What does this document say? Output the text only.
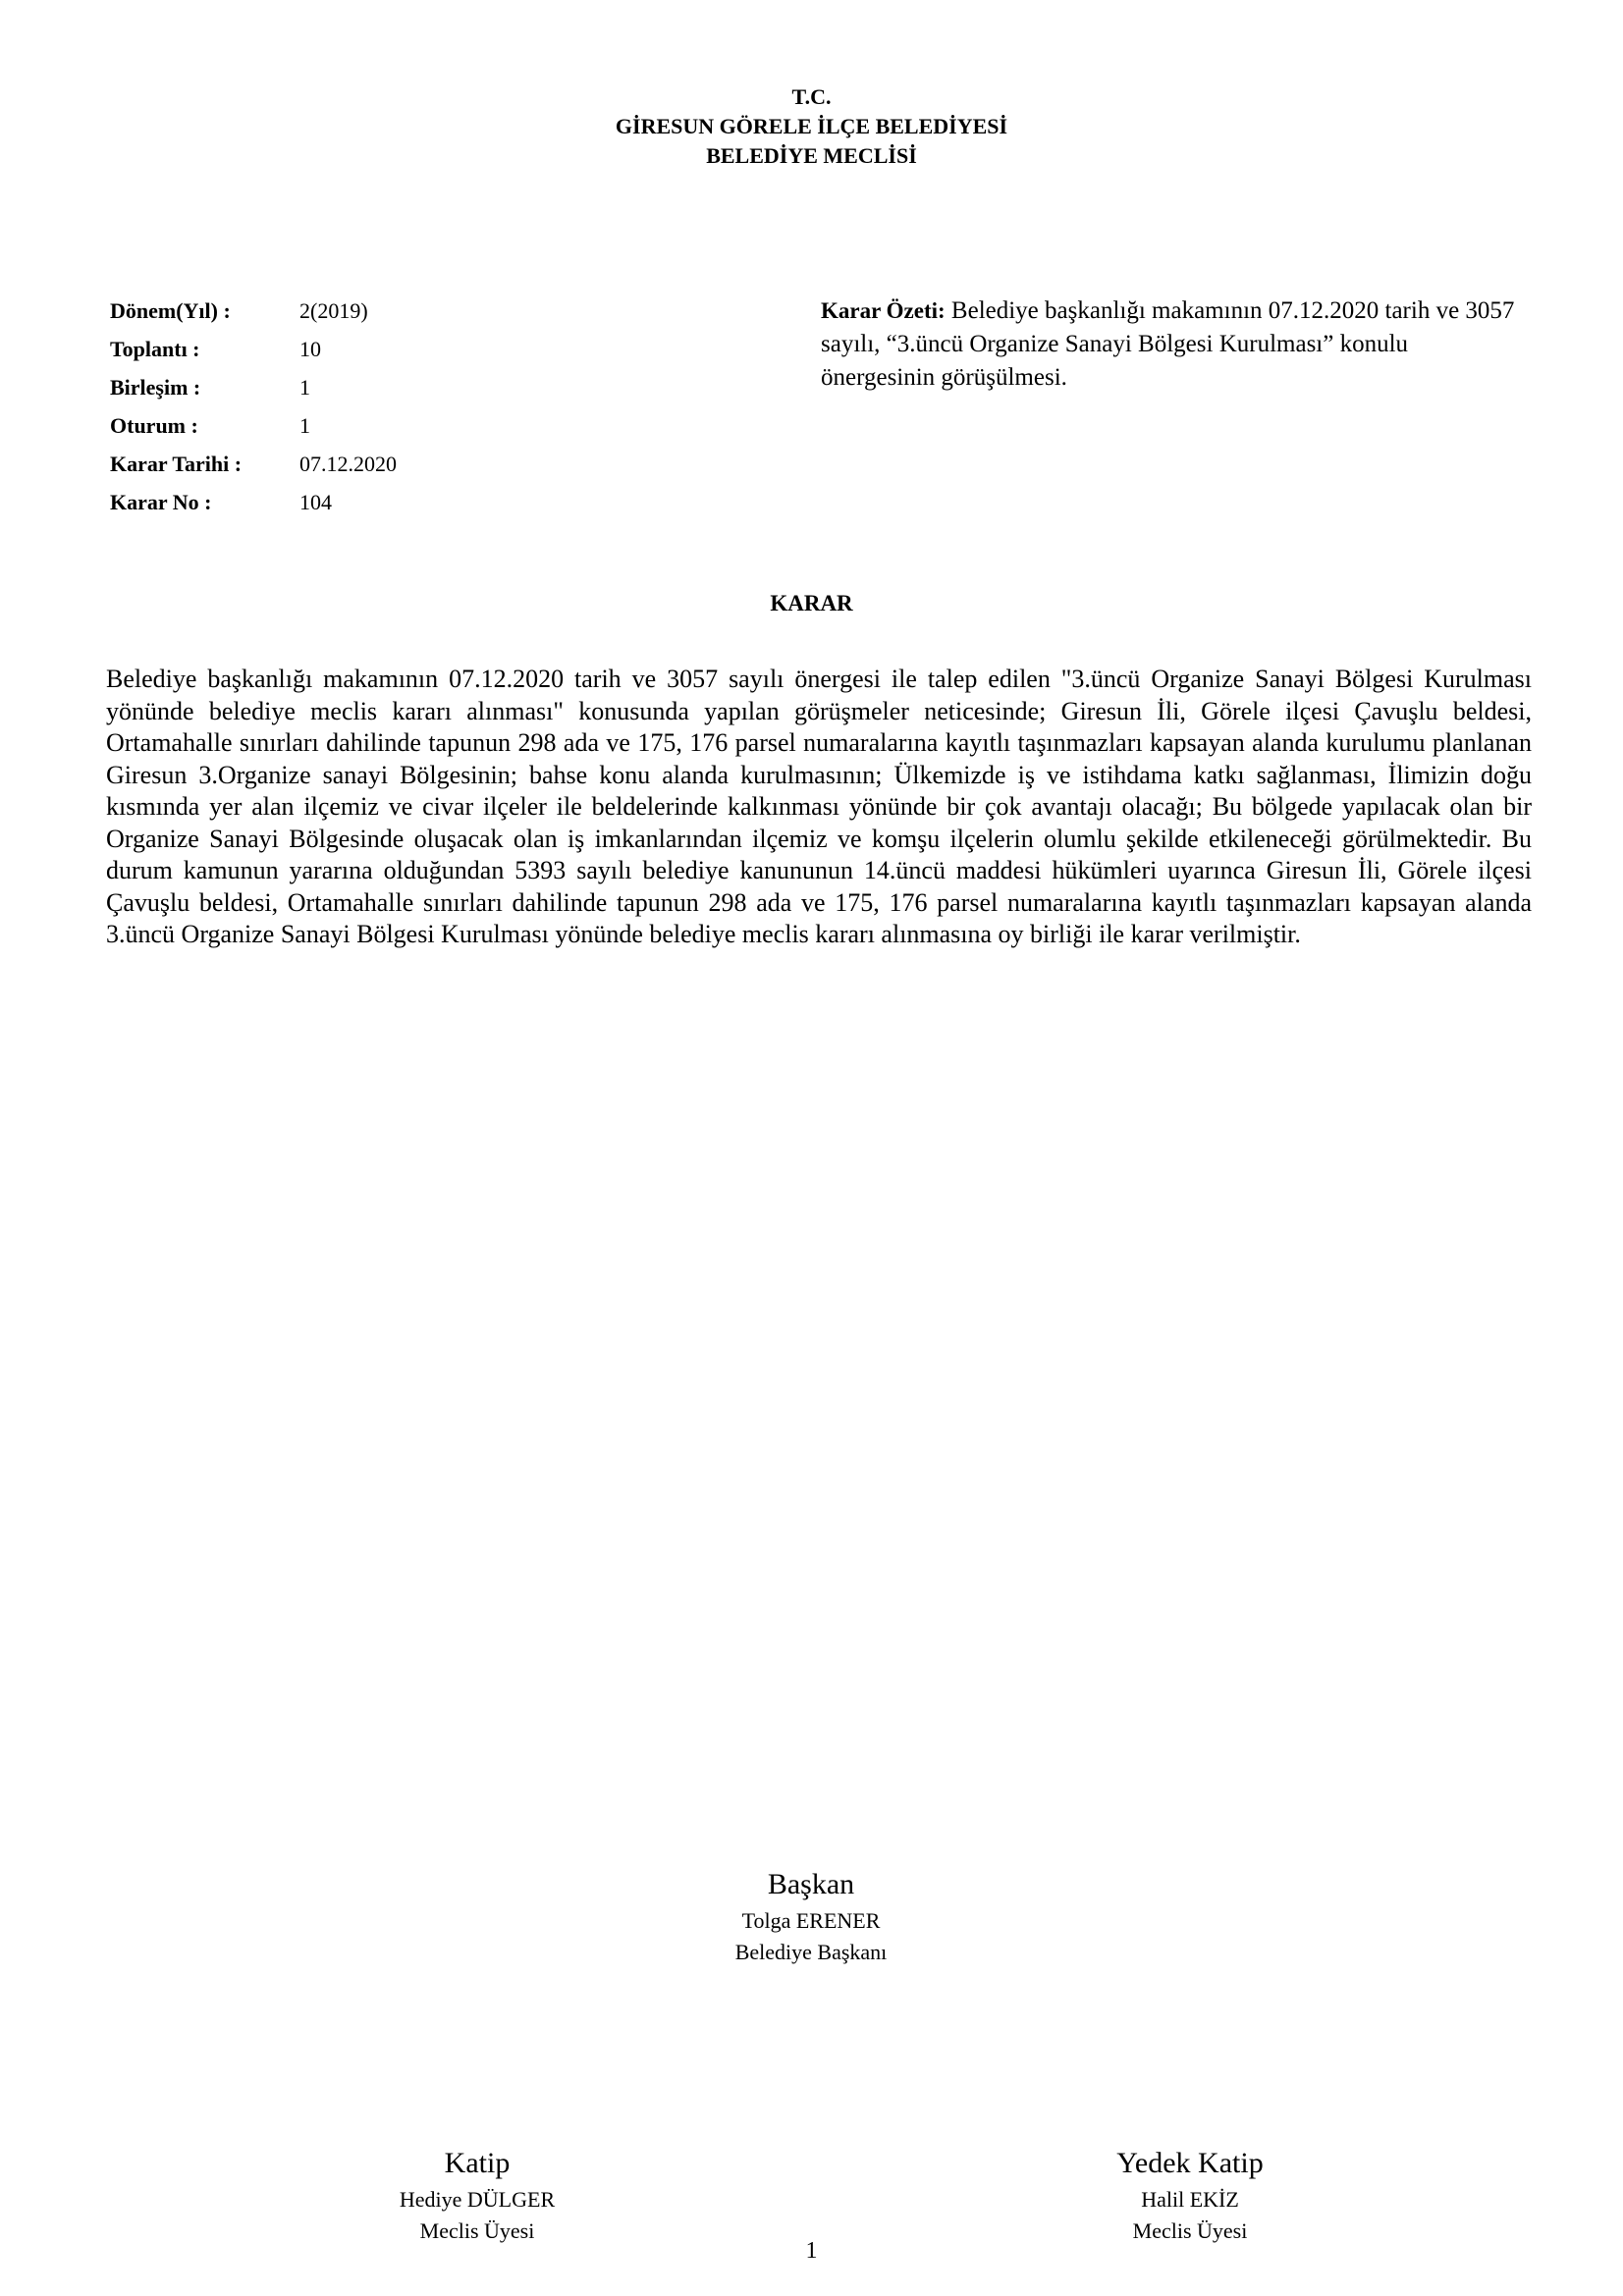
T.C.
GİRESUN GÖRELE İLÇE BELEDİYESİ
BELEDİYE MECLİSİ
Dönem(Yıl) :	2(2019)
Toplantı :	10
Birleşim :	1
Oturum :	1
Karar Tarihi :	07.12.2020
Karar No :	104
Karar Özeti: Belediye başkanlığı makamının 07.12.2020 tarih ve 3057 sayılı, “3.üncü Organize Sanayi Bölgesi Kurulması” konulu önergesinin görüşülmesi.
KARAR
Belediye başkanlığı makamının 07.12.2020 tarih ve 3057 sayılı önergesi ile talep edilen "3.üncü Organize Sanayi Bölgesi Kurulması yönünde belediye meclis kararı alınması" konusunda yapılan görüşmeler neticesinde; Giresun İli, Görele ilçesi Çavuşlu beldesi, Ortamahalle sınırları dahilinde tapunun 298 ada ve 175, 176 parsel numaralarına kayıtlı taşınmazları kapsayan alanda kurulumu planlanan Giresun 3.Organize sanayi Bölgesinin; bahse konu alanda kurulmasının; Ülkemizde iş ve istihdama katkı sağlanması, İlimizin doğu kısmında yer alan ilçemiz ve civar ilçeler ile beldelerinde kalkınması yönünde bir çok avantajı olacağı; Bu bölgede yapılacak olan bir Organize Sanayi Bölgesinde oluşacak olan iş imkanlarından ilçemiz ve komşu ilçelerin olumlu şekilde etkileneceği görülmektedir. Bu durum kamunun yararına olduğundan 5393 sayılı belediye kanununun 14.üncü maddesi hükümleri uyarınca Giresun İli, Görele ilçesi Çavuşlu beldesi, Ortamahalle sınırları dahilinde tapunun 298 ada ve 175, 176 parsel numaralarına kayıtlı taşınmazları kapsayan alanda 3.üncü Organize Sanayi Bölgesi Kurulması yönünde belediye meclis kararı alınmasına oy birliği ile karar verilmiştir.
Başkan
Tolga ERENER
Belediye Başkanı
Katip
Hediye DÜLGER
Meclis Üyesi
Yedek Katip
Halil EKİZ
Meclis Üyesi
1
